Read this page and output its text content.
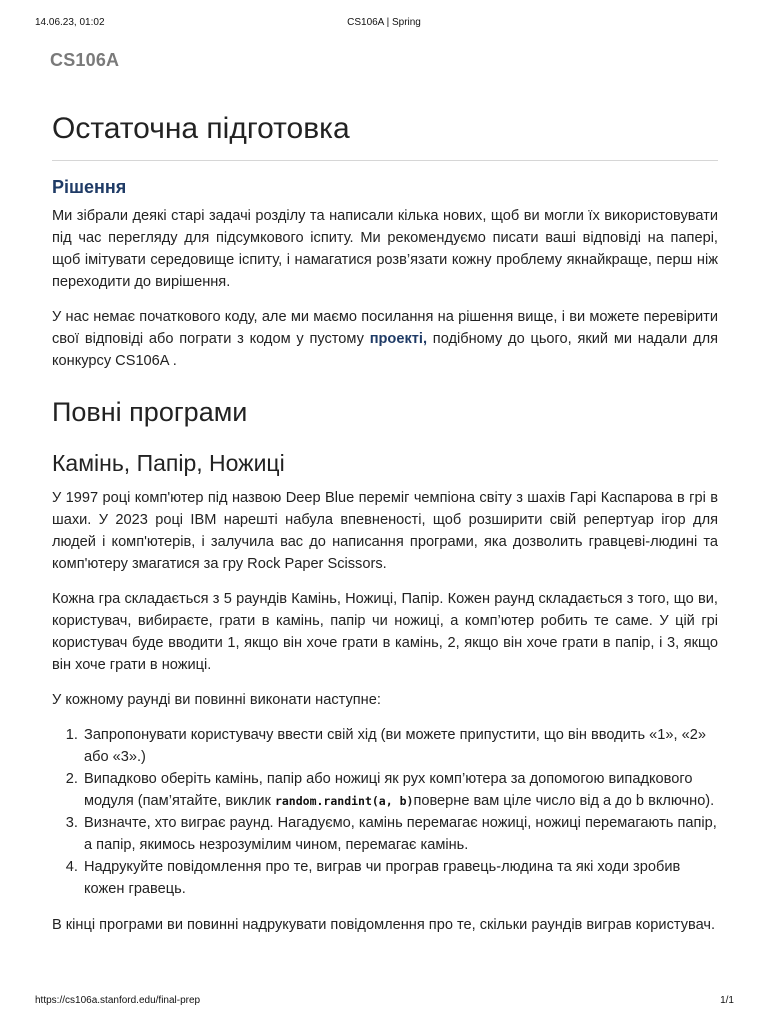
14.06.23, 01:02	CS106A | Spring
CS106A
Остаточна підготовка
Рішення

Ми зібрали деякі старі задачі розділу та написали кілька нових, щоб ви могли їх використовувати під час перегляду для підсумкового іспиту. Ми рекомендуємо писати ваші відповіді на папері, щоб імітувати середовище іспиту, і намагатися розв’язати кожну проблему якнайкраще, перш ніж переходити до вирішення.

У нас немає початкового коду, але ми маємо посилання на рішення вище, і ви можете перевірити свої відповіді або пограти з кодом у пустому проекті, подібному до цього, який ми надали для конкурсу CS106A .

Повні програми
Камінь, Папір, Ножиці

У 1997 році комп'ютер під назвою Deep Blue переміг чемпіона світу з шахів Гарі Каспарова в грі в шахи. У 2023 році IBM нарешті набула впевненості, щоб розширити свій репертуар ігор для людей і комп'ютерів, і залучила вас до написання програми, яка дозволить гравцеві-людині та комп'ютеру змагатися за гру Rock Paper Scissors.

Кожна гра складається з 5 раундів Камінь, Ножиці, Папір. Кожен раунд складається з того, що ви, користувач, вибираєте, грати в камінь, папір чи ножиці, а комп’ютер робить те саме. У цій грі користувач буде вводити 1, якщо він хоче грати в камінь, 2, якщо він хоче грати в папір, і 3, якщо він хоче грати в ножиці.

У кожному раунді ви повинні виконати наступне:

1. Запропонувати користувачу ввести свій хід (ви можете припустити, що він вводить «1», «2» або «3».)
2. Випадково оберіть камінь, папір або ножиці як рух комп’ютера за допомогою випадкового модуля (пам’ятайте, виклик random.randint(a, b)поверне вам ціле число від a до b включно).
3. Визначте, хто виграє раунд. Нагадуємо, камінь перемагає ножиці, ножиці перемагають папір, а папір, якимось незрозумілим чином, перемагає камінь.
4. Надрукуйте повідомлення про те, виграв чи програв гравець-людина та які ходи зробив кожен гравець.

В кінці програми ви повинні надрукувати повідомлення про те, скільки раундів виграв користувач.

https://cs106a.stanford.edu/final-prep	1/1
